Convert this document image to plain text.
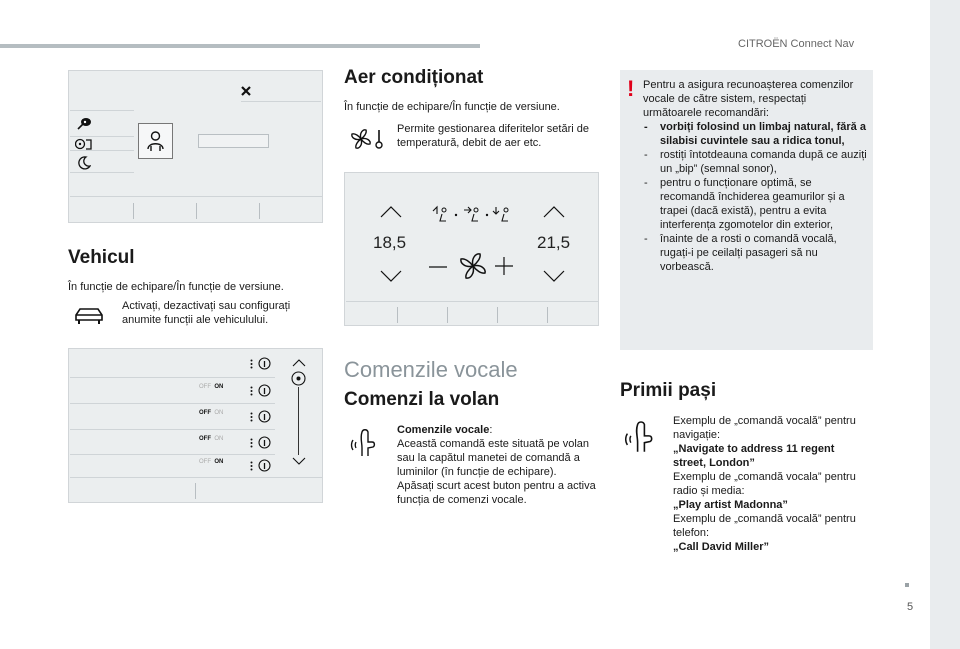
CITROËN Connect Nav
5
Vehicul
În funcție de echipare/În funcție de versiune.
Activați, dezactivați sau configurați anumite funcții ale vehiculului.
OFF ON
OFF ON
OFF ON
OFF ON
Aer condiționat
În funcție de echipare/În funcție de versiune.
Permite gestionarea diferitelor setări de temperatură, debit de aer etc.
18,5	21,5
Comenzile vocale
Comenzi la volan
Comenzile vocale:
Această comandă este situată pe volan sau la capătul manetei de comandă a luminilor (în funcție de echipare).
Apăsați scurt acest buton pentru a activa funcția de comenzi vocale.
! Pentru a asigura recunoașterea comenzilor vocale de către sistem, respectați următoarele recomandări:
- vorbiți folosind un limbaj natural, fără a silabisi cuvintele sau a ridica tonul,
- rostiți întotdeauna comanda după ce auziți un „bip” (semnal sonor),
- pentru o funcționare optimă, se recomandă închiderea geamurilor și a trapei (dacă există), pentru a evita interferența zgomotelor din exterior,
- înainte de a rosti o comandă vocală, rugați-i pe ceilalți pasageri să nu vorbească.
Primii pași
Exemplu de „comandă vocală” pentru navigație:
„Navigate to address 11 regent street, London”
Exemplu de „comandă vocala” pentru radio și media:
„Play artist Madonna”
Exemplu de „comandă vocală” pentru telefon:
„Call David Miller”
